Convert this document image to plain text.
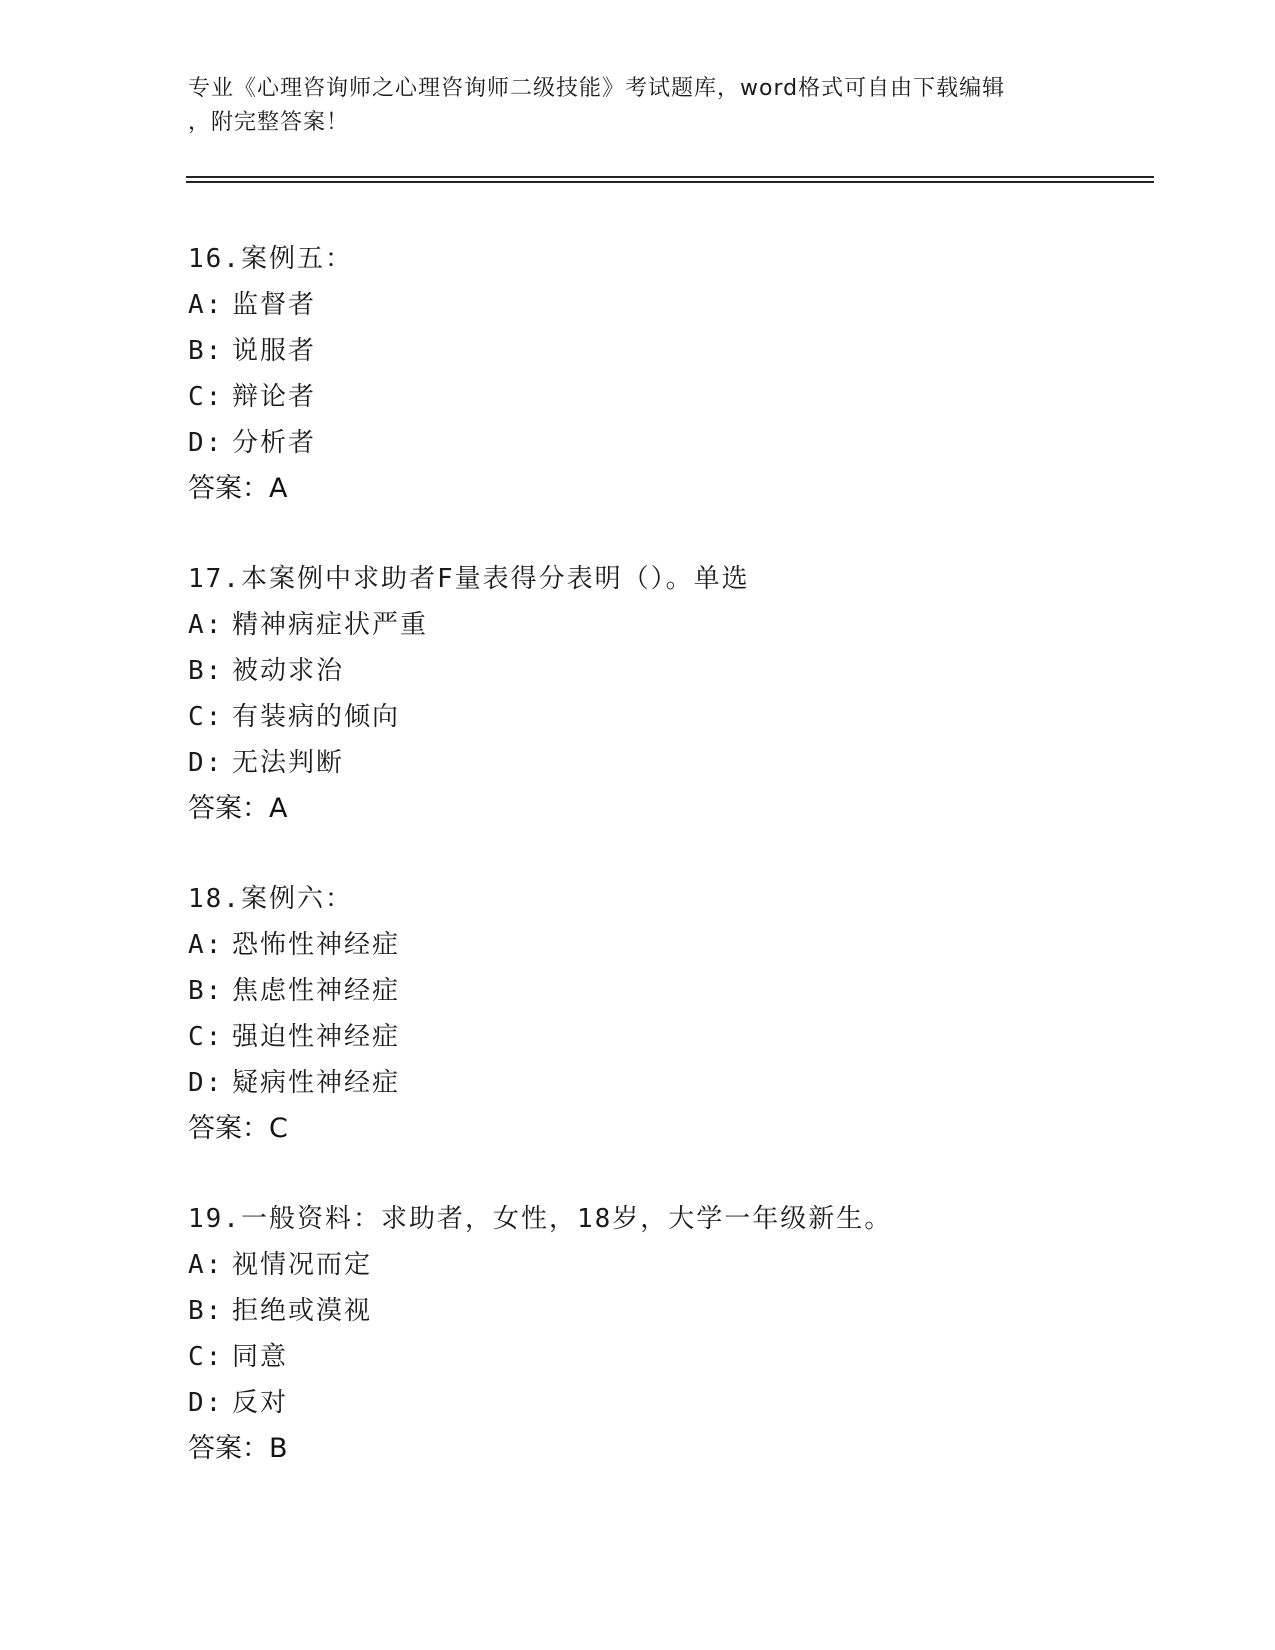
专业《心理咨询师之心理咨询师二级技能》考试题库，word格式可自由下载编辑
，附完整答案！
16.案例五：
A: 监督者
B: 说服者
C: 辩论者
D: 分析者
答案：A
17.本案例中求助者F量表得分表明（）。单选
A: 精神病症状严重
B: 被动求治
C: 有装病的倾向
D: 无法判断
答案：A
18.案例六：
A: 恐怖性神经症
B: 焦虑性神经症
C: 强迫性神经症
D: 疑病性神经症
答案：C
19.一般资料：求助者，女性，18岁，大学一年级新生。
A: 视情况而定
B: 拒绝或漠视
C: 同意
D: 反对
答案：B
